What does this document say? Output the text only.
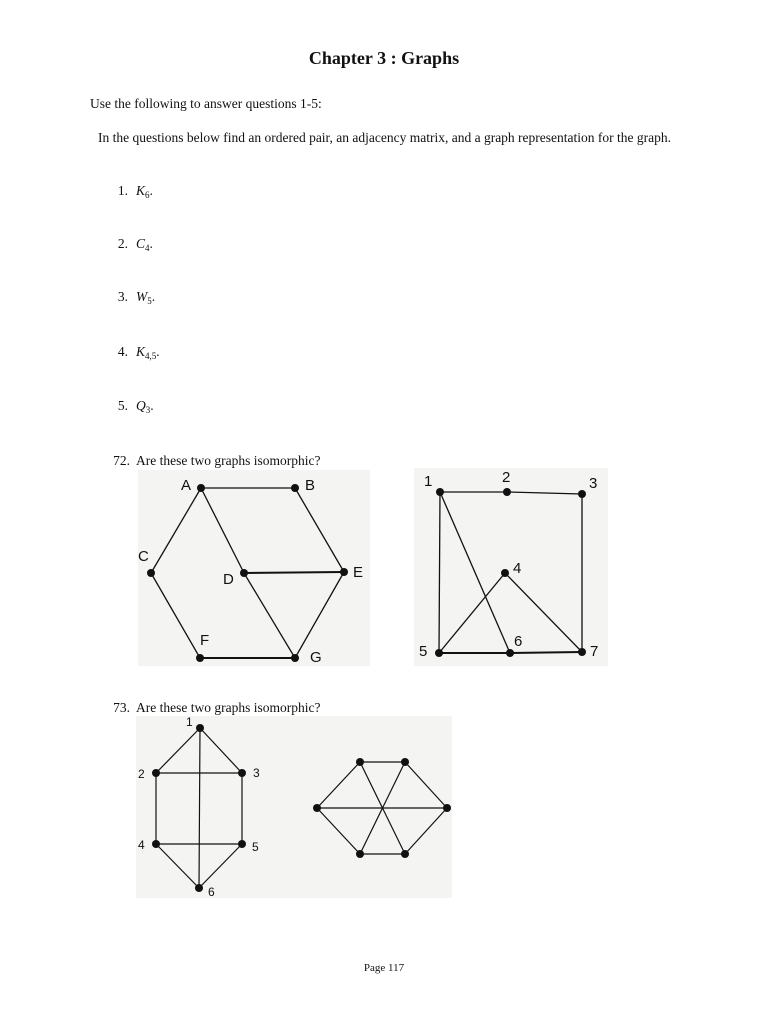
Chapter 3 : Graphs
Use the following to answer questions 1-5:
In the questions below find an ordered pair, an adjacency matrix, and a graph representation for the graph.
1. $K_6$.
2. $C_4$.
3. $W_5$.
4. $K_{4,5}$.
5. $Q_3$.
72. Are these two graphs isomorphic?
A	B
C
D	E
F
G
1	2	3
4
5
6
7
73. Are these two graphs isomorphic?
1
2	3
4	5
6
Page 117
